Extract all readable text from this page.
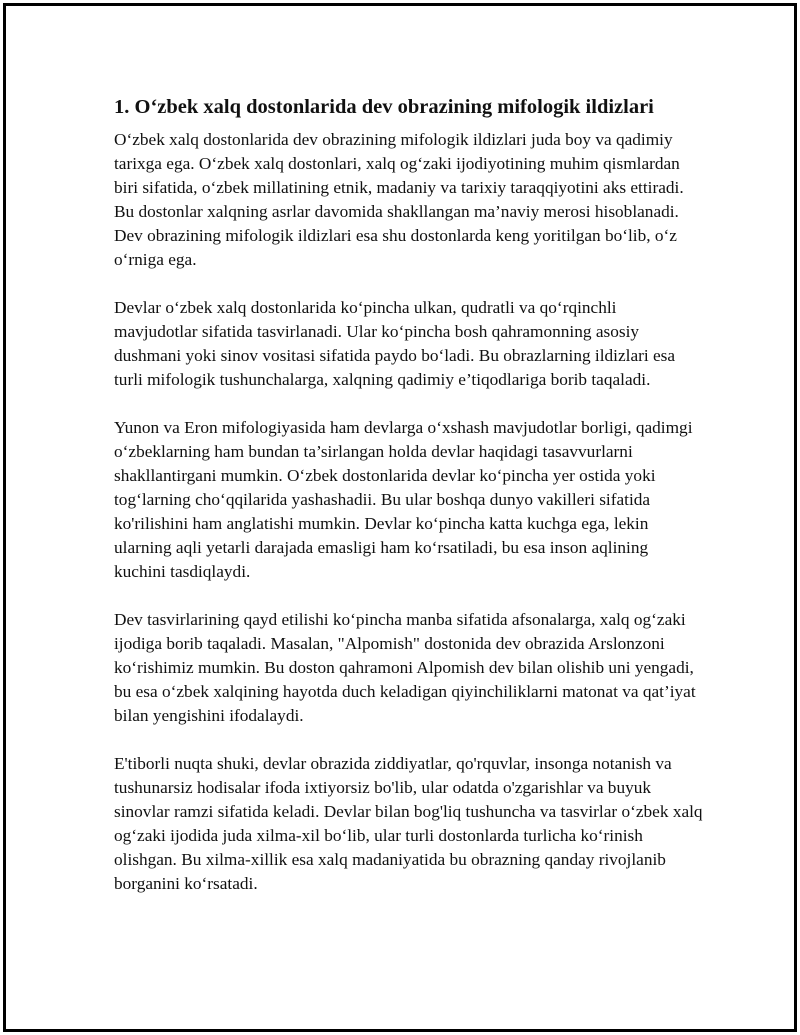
1. O‘zbek xalq dostonlarida dev obrazining mifologik ildizlari

O‘zbek xalq dostonlarida dev obrazining mifologik ildizlari juda boy va qadimiy tarixga ega. O‘zbek xalq dostonlari, xalq og‘zaki ijodiyotining muhim qismlardan biri sifatida, o‘zbek millatining etnik, madaniy va tarixiy taraqqiyotini aks ettiradi. Bu dostonlar xalqning asrlar davomida shakllangan ma’naviy merosi hisoblanadi. Dev obrazining mifologik ildizlari esa shu dostonlarda keng yoritilgan bo‘lib, o‘z o‘rniga ega.

Devlar o‘zbek xalq dostonlarida ko‘pincha ulkan, qudratli va qo‘rqinchli mavjudotlar sifatida tasvirlanadi. Ular ko‘pincha bosh qahramonning asosiy dushmani yoki sinov vositasi sifatida paydo bo‘ladi. Bu obrazlarning ildizlari esa turli mifologik tushunchalarga, xalqning qadimiy e’tiqodlariga borib taqaladi.

Yunon va Eron mifologiyasida ham devlarga o‘xshash mavjudotlar borligi, qadimgi o‘zbeklarning ham bundan ta’sirlangan holda devlar haqidagi tasavvurlarni shakllantirgani mumkin. O‘zbek dostonlarida devlar ko‘pincha yer ostida yoki tog‘larning cho‘qqilarida yashashadii. Bu ular boshqa dunyo vakilleri sifatida ko'rilishini ham anglatishi mumkin. Devlar ko‘pincha katta kuchga ega, lekin ularning aqli yetarli darajada emasligi ham ko‘rsatiladi, bu esa inson aqlining kuchini tasdiqlaydi.

Dev tasvirlarining qayd etilishi ko‘pincha manba sifatida afsonalarga, xalq og‘zaki ijodiga borib taqaladi. Masalan, "Alpomish" dostonida dev obrazida Arslonzoni ko‘rishimiz mumkin. Bu doston qahramoni Alpomish dev bilan olishib uni yengadi, bu esa o‘zbek xalqining hayotda duch keladigan qiyinchiliklarni matonat va qat’iyat bilan yengishini ifodalaydi.

E'tiborli nuqta shuki, devlar obrazida ziddiyatlar, qo'rquvlar, insonga notanish va tushunarsiz hodisalar ifoda ixtiyorsiz bo'lib, ular odatda o'zgarishlar va buyuk sinovlar ramzi sifatida keladi. Devlar bilan bog'liq tushuncha va tasvirlar o‘zbek xalq og‘zaki ijodida juda xilma-xil bo‘lib, ular turli dostonlarda turlicha ko‘rinish olishgan. Bu xilma-xillik esa xalq madaniyatida bu obrazning qanday rivojlanib borganini ko‘rsatadi.
